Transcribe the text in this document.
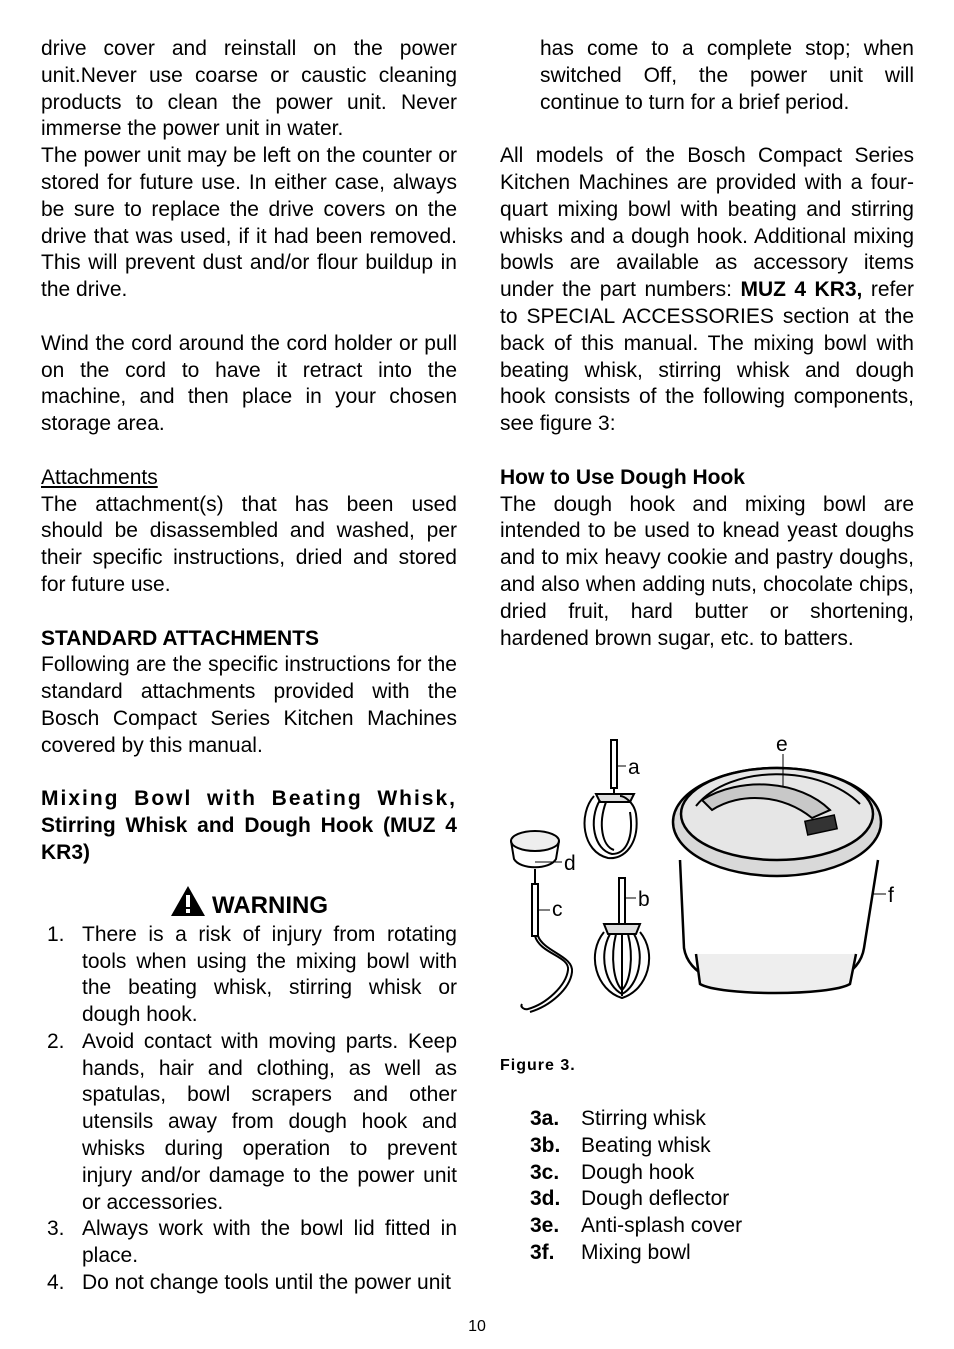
drive cover and reinstall on the power unit.Never use coarse or caustic cleaning products to clean the power unit. Never immerse the power unit in water.

The power unit may be left on the counter or stored for future use. In either case, always be sure to replace the drive covers on the drive that was used, if it had been removed. This will prevent dust and/or flour buildup in the drive.

Wind the cord around the cord holder or pull on the cord to have it retract into the machine, and then place in your chosen storage area.

Attachments

The attachment(s) that has been used should be disassembled and washed, per their specific instructions, dried and stored for future use.

STANDARD ATTACHMENTS

Following are the specific instructions for the standard attachments provided with the Bosch Compact Series Kitchen Machines covered by this manual.

Mixing Bowl with Beating Whisk,
Stirring Whisk and Dough Hook (MUZ 4 KR3)

WARNING

1. There is a risk of injury from rotating tools when using the mixing bowl with the beating whisk, stirring whisk or dough hook.
2. Avoid contact with moving parts. Keep hands, hair and clothing, as well as spatulas, bowl scrapers and other utensils away from dough hook and whisks during operation to prevent injury and/or damage to the power unit or accessories.
3. Always work with the bowl lid fitted in place.
4. Do not change tools until the power unit

has come to a complete stop; when switched Off, the power unit will continue to turn for a brief period.

All models of the Bosch Compact Series Kitchen Machines are provided with a four-quart mixing bowl with beating and stirring whisks and a dough hook. Additional mixing bowls are available as accessory items under the part numbers: MUZ 4 KR3, refer to SPECIAL ACCESSORIES section at the back of this manual. The mixing bowl with beating whisk, stirring whisk and dough hook consists of the following components, see figure 3:

How to Use Dough Hook

The dough hook and mixing bowl are intended to be used to knead yeast doughs and to mix heavy cookie and pastry doughs, and also when adding nuts, chocolate chips, dried fruit, hard butter or shortening, hardened brown sugar, etc. to batters.

a
d
c	b
e
f
Figure 3.
3a.	Stirring whisk
3b. Beating whisk
3c.	Dough hook
3d. Dough deflector
3e.	Anti-splash cover
3f.	Mixing bowl
10
